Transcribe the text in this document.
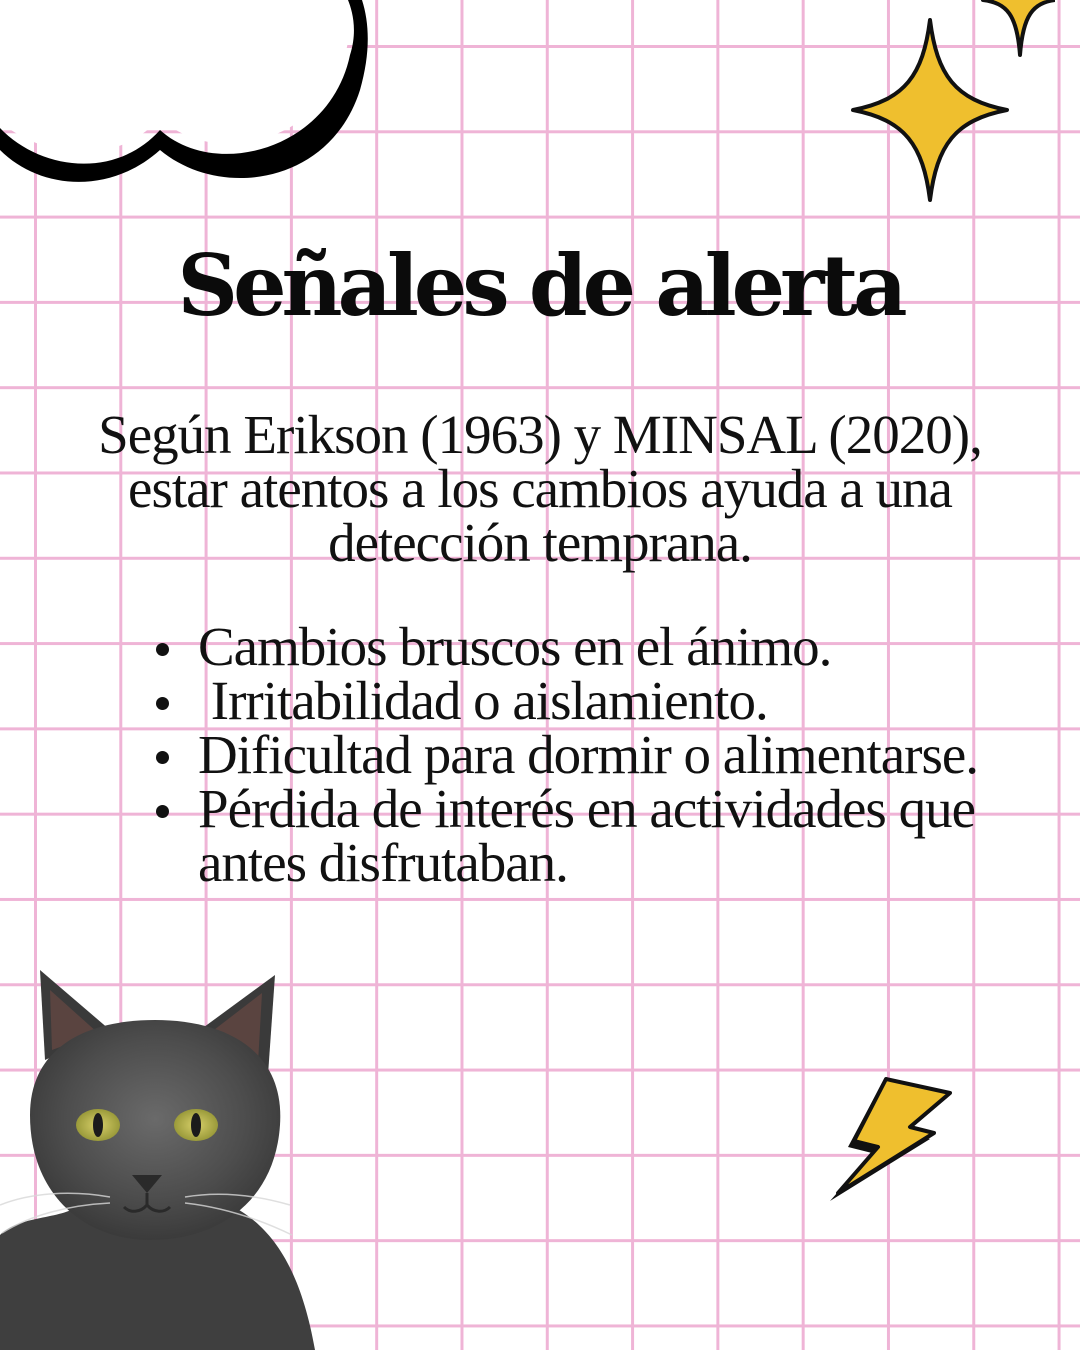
Señales de alerta

Según Erikson (1963) y MINSAL (2020), estar atentos a los cambios ayuda a una detección temprana.

Cambios bruscos en el ánimo.
Irritabilidad o aislamiento.
Dificultad para dormir o alimentarse.
Pérdida de interés en actividades que antes disfrutaban.
